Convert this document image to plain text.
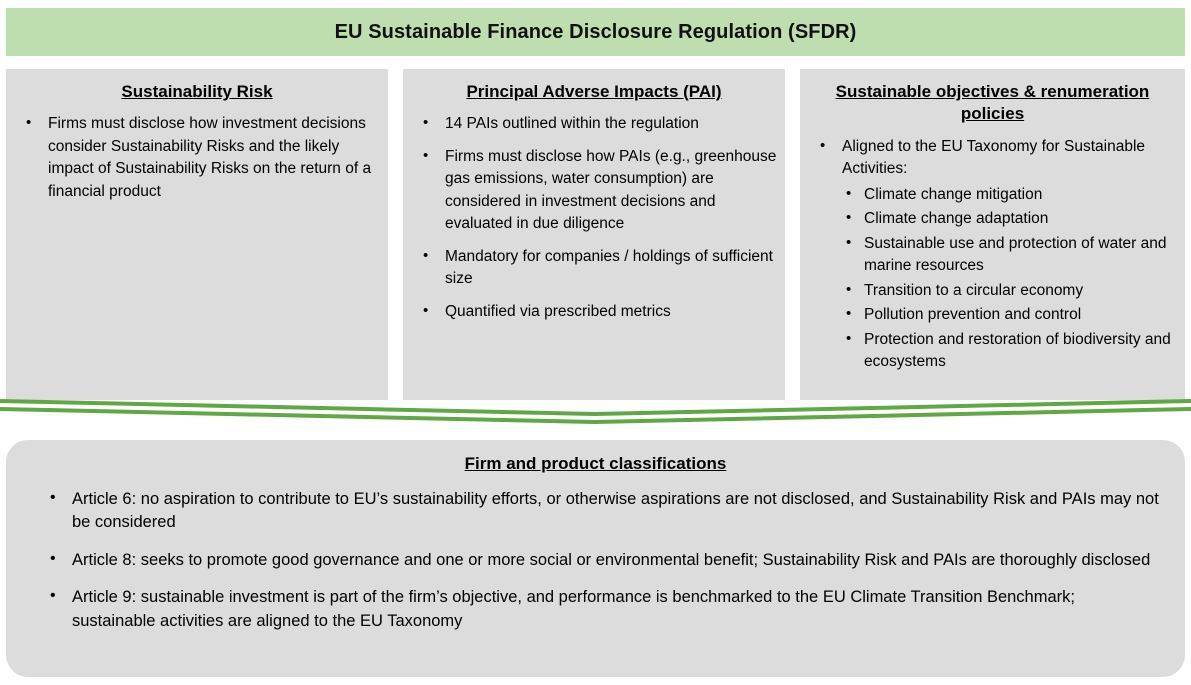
EU Sustainable Finance Disclosure Regulation (SFDR)
Sustainability Risk
• Firms must disclose how investment decisions consider Sustainability Risks and the likely impact of Sustainability Risks on the return of a financial product
Principal Adverse Impacts (PAI)
• 14 PAIs outlined within the regulation
• Firms must disclose how PAIs (e.g., greenhouse gas emissions, water consumption) are considered in investment decisions and evaluated in due diligence
• Mandatory for companies / holdings of sufficient size
• Quantified via prescribed metrics
Sustainable objectives & renumeration policies
• Aligned to the EU Taxonomy for Sustainable Activities:
• Climate change mitigation
• Climate change adaptation
• Sustainable use and protection of water and marine resources
• Transition to a circular economy
• Pollution prevention and control
• Protection and restoration of biodiversity and ecosystems
Firm and product classifications
• Article 6: no aspiration to contribute to EU’s sustainability efforts, or otherwise aspirations are not disclosed, and Sustainability Risk and PAIs may not be considered
• Article 8: seeks to promote good governance and one or more social or environmental benefit; Sustainability Risk and PAIs are thoroughly disclosed
• Article 9: sustainable investment is part of the firm’s objective, and performance is benchmarked to the EU Climate Transition Benchmark; sustainable activities are aligned to the EU Taxonomy
